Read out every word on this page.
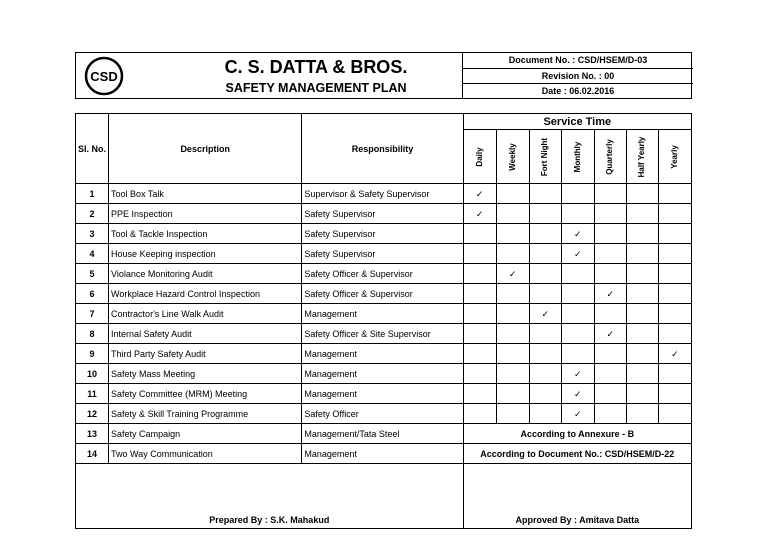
CSD	C. S. DATTA & BROS.
SAFETY MANAGEMENT PLAN
Document No. : CSD/HSEM/D-03
Revision No. : 00
Date : 06.02.2016
Sl. No.	Description	Responsibility	Service Time						

			Daily	Weekly	Fort Night	Monthly	Quarterly	Half Yearly	Yearly

1	Tool Box Talk	Supervisor & Safety Supervisor	✓						
2	PPE Inspection	Safety Supervisor	✓						
3	Tool & Tackle Inspection	Safety Supervisor				✓			
4	House Keeping inspection	Safety Supervisor				✓			
5	Violance Monitoring Audit	Safety Officer & Supervisor		✓					
6	Workplace Hazard Control Inspection	Safety Officer & Supervisor					✓		
7	Contractor's Line Walk Audit	Management			✓				
8	Internal Safety Audit	Safety Officer & Site Supervisor					✓		
9	Third Party Safety Audit	Management							✓
10	Safety Mass Meeting	Management				✓			
11	Safety Committee (MRM) Meeting	Management				✓			
12	Safety & Skill Training Programme	Safety Officer				✓			
13	Safety Campaign	Management/Tata Steel	According to Annexure - B						
14	Two Way Communication	Management	According to Document No.: CSD/HSEM/D-22						
Prepared By : S.K. Mahakud			Approved By : Amitava Datta						
